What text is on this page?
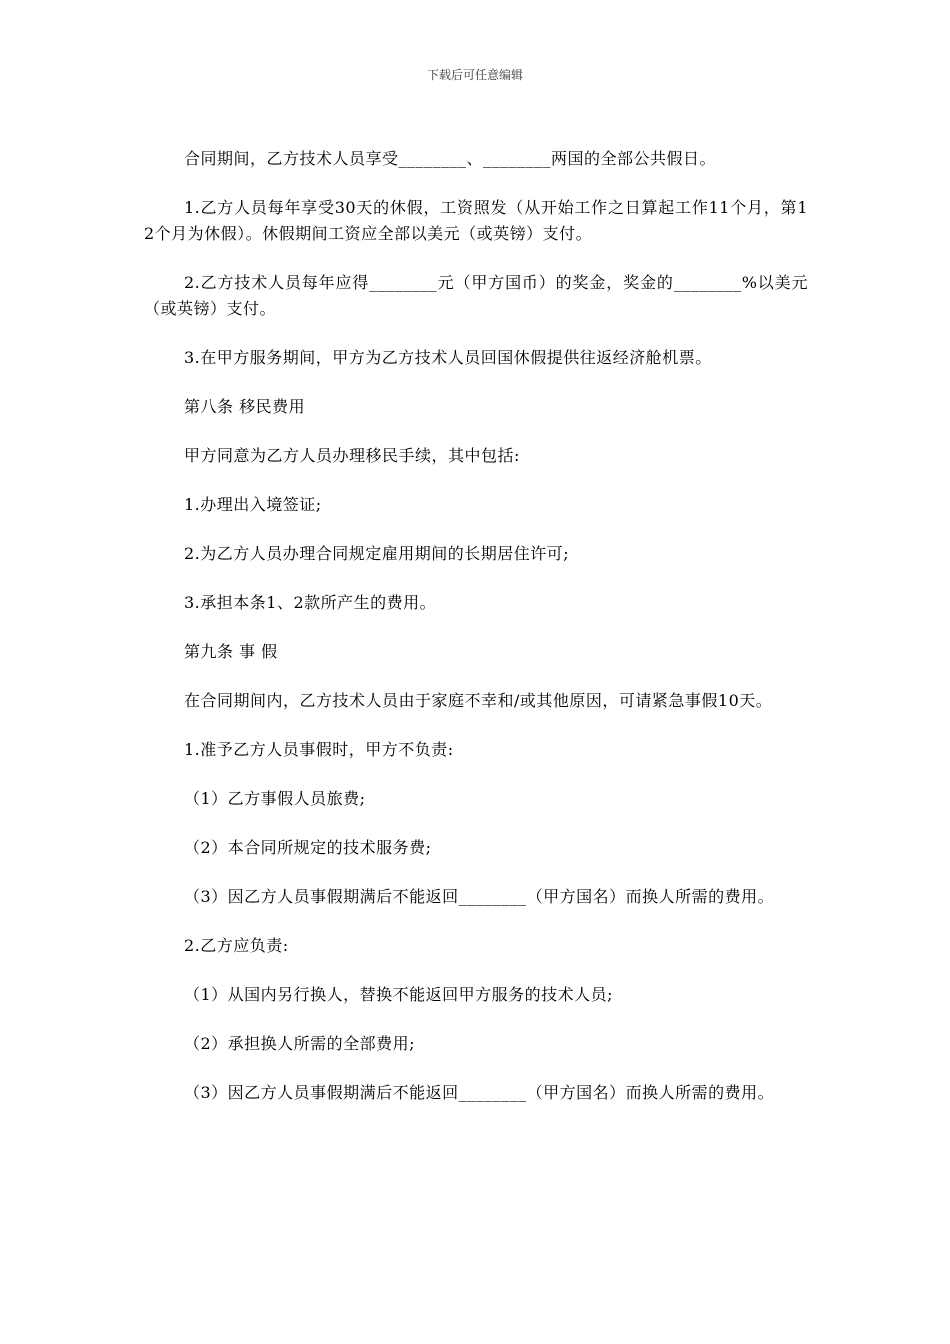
下载后可任意编辑

合同期间，乙方技术人员享受________、________两国的全部公共假日。

1.乙方人员每年享受30天的休假，工资照发（从开始工作之日算起工作11个月，第12个月为休假）。休假期间工资应全部以美元（或英镑）支付。

2.乙方技术人员每年应得________元（甲方国币）的奖金，奖金的________%以美元（或英镑）支付。

3.在甲方服务期间，甲方为乙方技术人员回国休假提供往返经济舱机票。

第八条 移民费用

甲方同意为乙方人员办理移民手续，其中包括:

1.办理出入境签证;

2.为乙方人员办理合同规定雇用期间的长期居住许可;

3.承担本条1、2款所产生的费用。

第九条 事 假

在合同期间内，乙方技术人员由于家庭不幸和/或其他原因，可请紧急事假10天。

1.准予乙方人员事假时，甲方不负责:

（1）乙方事假人员旅费;

（2）本合同所规定的技术服务费;

（3）因乙方人员事假期满后不能返回________（甲方国名）而换人所需的费用。

2.乙方应负责:

（1）从国内另行换人，替换不能返回甲方服务的技术人员;

（2）承担换人所需的全部费用;

（3）因乙方人员事假期满后不能返回________（甲方国名）而换人所需的费用。
